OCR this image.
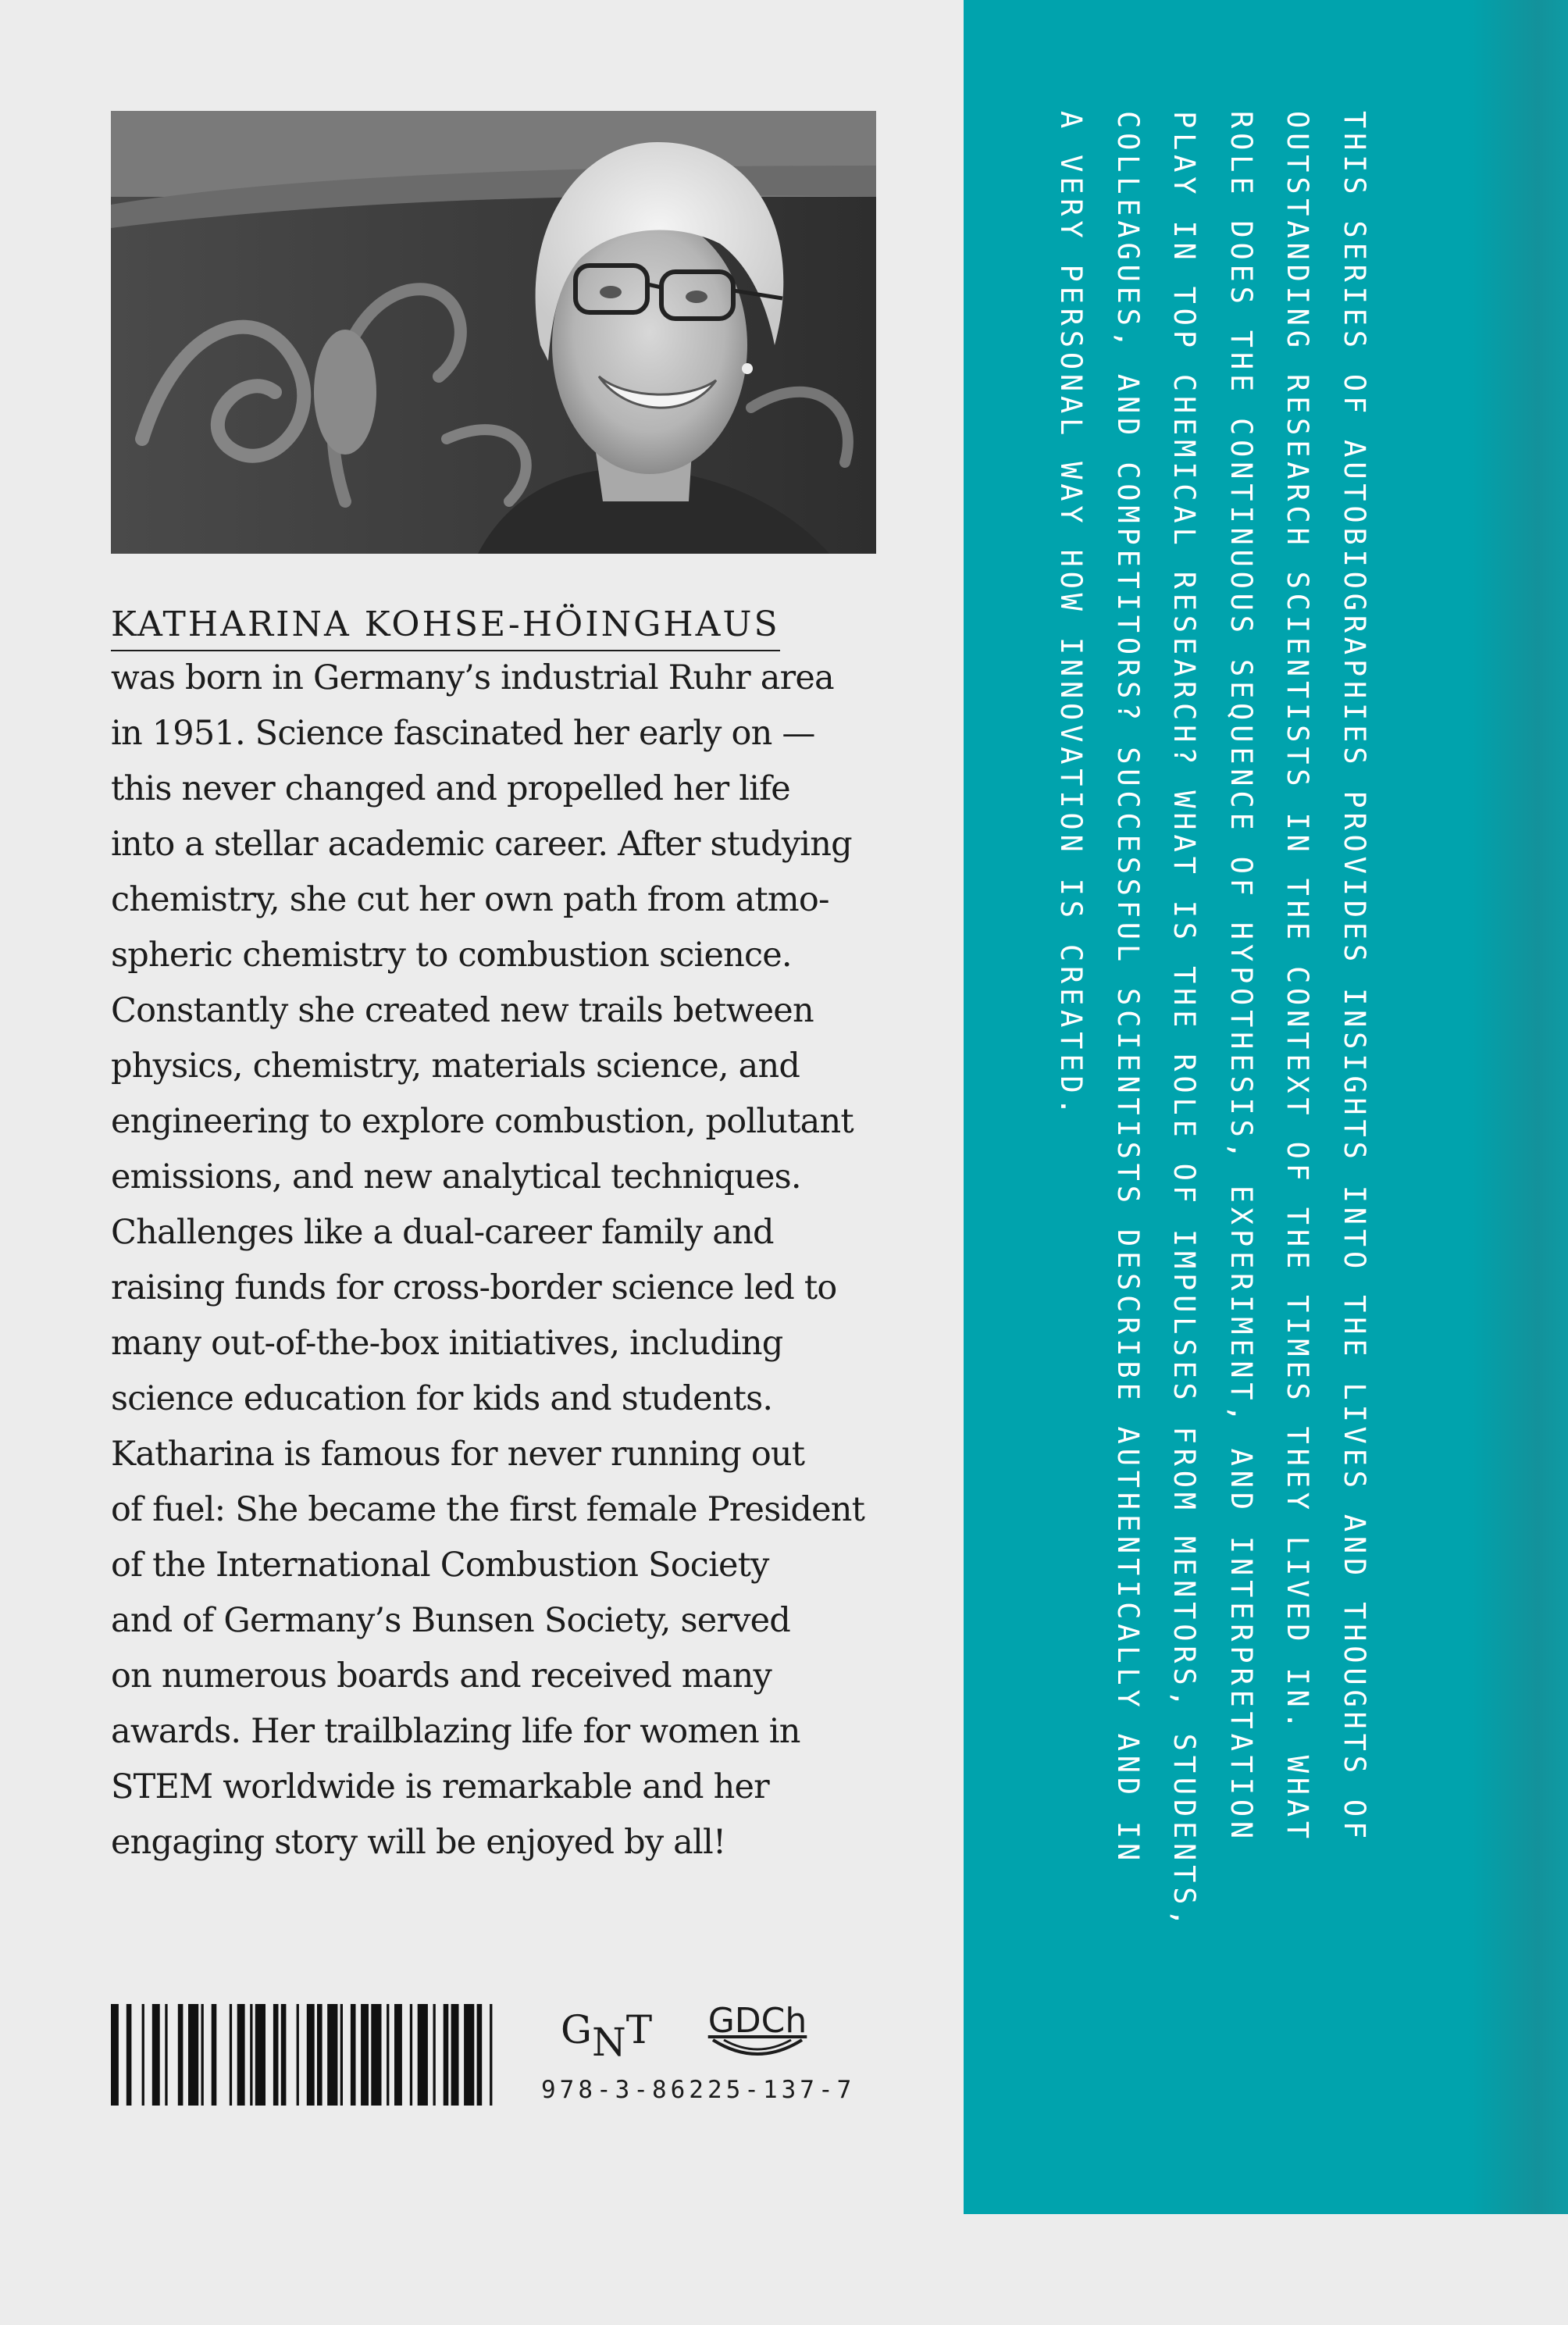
KATHARINA KOHSE-HÖINGHAUS
was born in Germany’s industrial Ruhr area
in 1951. Science fascinated her early on —
this never changed and propelled her life
into a stellar academic career. After studying
chemistry, she cut her own path from atmo-
spheric chemistry to combustion science.
Constantly she created new trails between
physics, chemistry, materials science, and
engineering to explore combustion, pollutant
emissions, and new analytical techniques.
Challenges like a dual-career family and
raising funds for cross-border science led to
many out-of-the-box initiatives, including
science education for kids and students.
Katharina is famous for never running out
of fuel: She became the first female President
of the International Combustion Society
and of Germany’s Bunsen Society, served
on numerous boards and received many
awards. Her trailblazing life for women in
STEM worldwide is remarkable and her
engaging story will be enjoyed by all!
GNT GDCh
978-3-86225-137-7
THIS SERIES OF AUTOBIOGRAPHIES PROVIDES INSIGHTS INTO THE LIVES AND THOUGHTS OF
OUTSTANDING RESEARCH SCIENTISTS IN THE CONTEXT OF THE TIMES THEY LIVED IN. WHAT
ROLE DOES THE CONTINUOUS SEQUENCE OF HYPOTHESIS, EXPERIMENT, AND INTERPRETATION
PLAY IN TOP CHEMICAL RESEARCH? WHAT IS THE ROLE OF IMPULSES FROM MENTORS, STUDENTS,
COLLEAGUES, AND COMPETITORS? SUCCESSFUL SCIENTISTS DESCRIBE AUTHENTICALLY AND IN
A VERY PERSONAL WAY HOW INNOVATION IS CREATED.
